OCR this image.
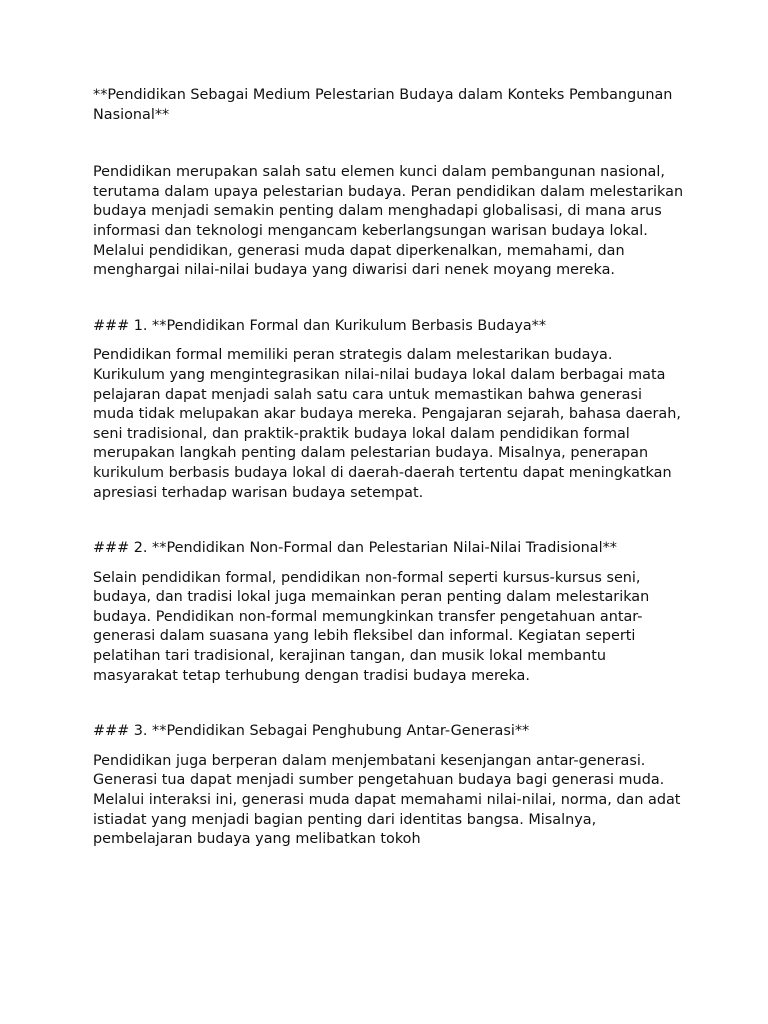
**Pendidikan Sebagai Medium Pelestarian Budaya dalam Konteks Pembangunan Nasional**

Pendidikan merupakan salah satu elemen kunci dalam pembangunan nasional, terutama dalam upaya pelestarian budaya. Peran pendidikan dalam melestarikan budaya menjadi semakin penting dalam menghadapi globalisasi, di mana arus informasi dan teknologi mengancam keberlangsungan warisan budaya lokal. Melalui pendidikan, generasi muda dapat diperkenalkan, memahami, dan menghargai nilai-nilai budaya yang diwarisi dari nenek moyang mereka.

### 1. **Pendidikan Formal dan Kurikulum Berbasis Budaya**

Pendidikan formal memiliki peran strategis dalam melestarikan budaya. Kurikulum yang mengintegrasikan nilai-nilai budaya lokal dalam berbagai mata pelajaran dapat menjadi salah satu cara untuk memastikan bahwa generasi muda tidak melupakan akar budaya mereka. Pengajaran sejarah, bahasa daerah, seni tradisional, dan praktik-praktik budaya lokal dalam pendidikan formal merupakan langkah penting dalam pelestarian budaya. Misalnya, penerapan kurikulum berbasis budaya lokal di daerah-daerah tertentu dapat meningkatkan apresiasi terhadap warisan budaya setempat.

### 2. **Pendidikan Non-Formal dan Pelestarian Nilai-Nilai Tradisional**

Selain pendidikan formal, pendidikan non-formal seperti kursus-kursus seni, budaya, dan tradisi lokal juga memainkan peran penting dalam melestarikan budaya. Pendidikan non-formal memungkinkan transfer pengetahuan antar-generasi dalam suasana yang lebih fleksibel dan informal. Kegiatan seperti pelatihan tari tradisional, kerajinan tangan, dan musik lokal membantu masyarakat tetap terhubung dengan tradisi budaya mereka.

### 3. **Pendidikan Sebagai Penghubung Antar-Generasi**

Pendidikan juga berperan dalam menjembatani kesenjangan antar-generasi. Generasi tua dapat menjadi sumber pengetahuan budaya bagi generasi muda. Melalui interaksi ini, generasi muda dapat memahami nilai-nilai, norma, dan adat istiadat yang menjadi bagian penting dari identitas bangsa. Misalnya, pembelajaran budaya yang melibatkan tokoh
